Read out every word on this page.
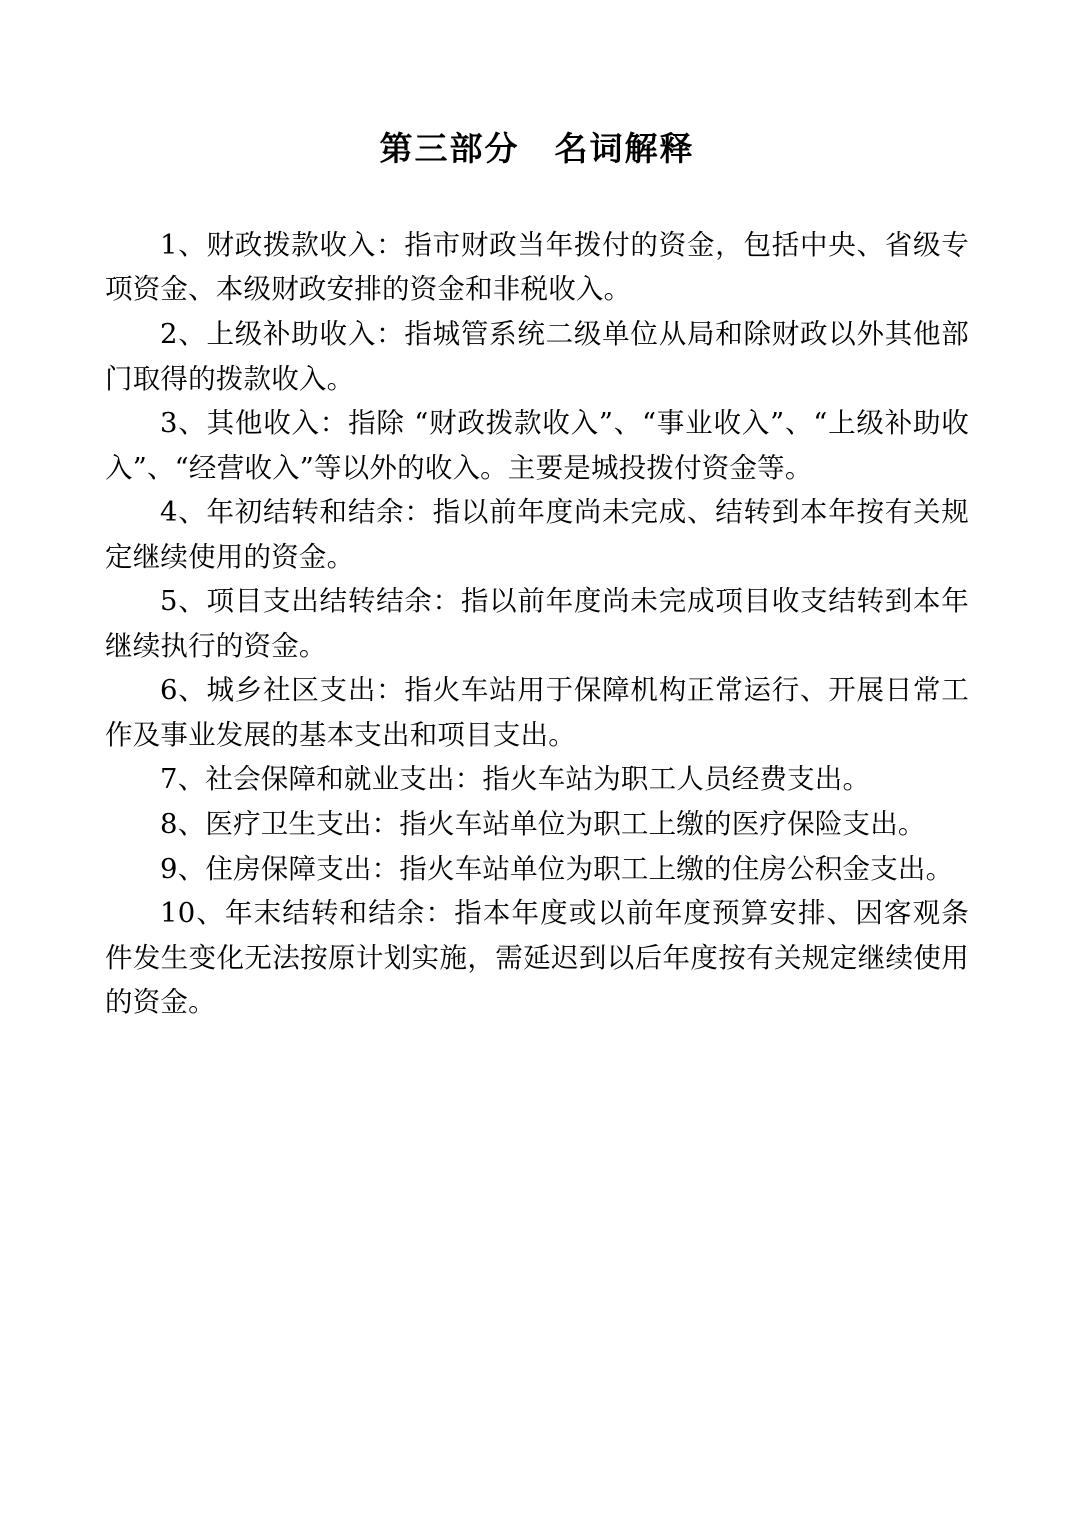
第三部分　名词解释

1、财政拨款收入：指市财政当年拨付的资金，包括中央、省级专项资金、本级财政安排的资金和非税收入。

2、上级补助收入：指城管系统二级单位从局和除财政以外其他部门取得的拨款收入。

3、其他收入：指除 “财政拨款收入”、“事业收入”、“上级补助收入”、“经营收入”等以外的收入。主要是城投拨付资金等。

4、年初结转和结余：指以前年度尚未完成、结转到本年按有关规定继续使用的资金。

5、项目支出结转结余：指以前年度尚未完成项目收支结转到本年继续执行的资金。

6、城乡社区支出：指火车站用于保障机构正常运行、开展日常工作及事业发展的基本支出和项目支出。

7、社会保障和就业支出：指火车站为职工人员经费支出。

8、医疗卫生支出：指火车站单位为职工上缴的医疗保险支出。

9、住房保障支出：指火车站单位为职工上缴的住房公积金支出。

10、年末结转和结余：指本年度或以前年度预算安排、因客观条件发生变化无法按原计划实施，需延迟到以后年度按有关规定继续使用的资金。
